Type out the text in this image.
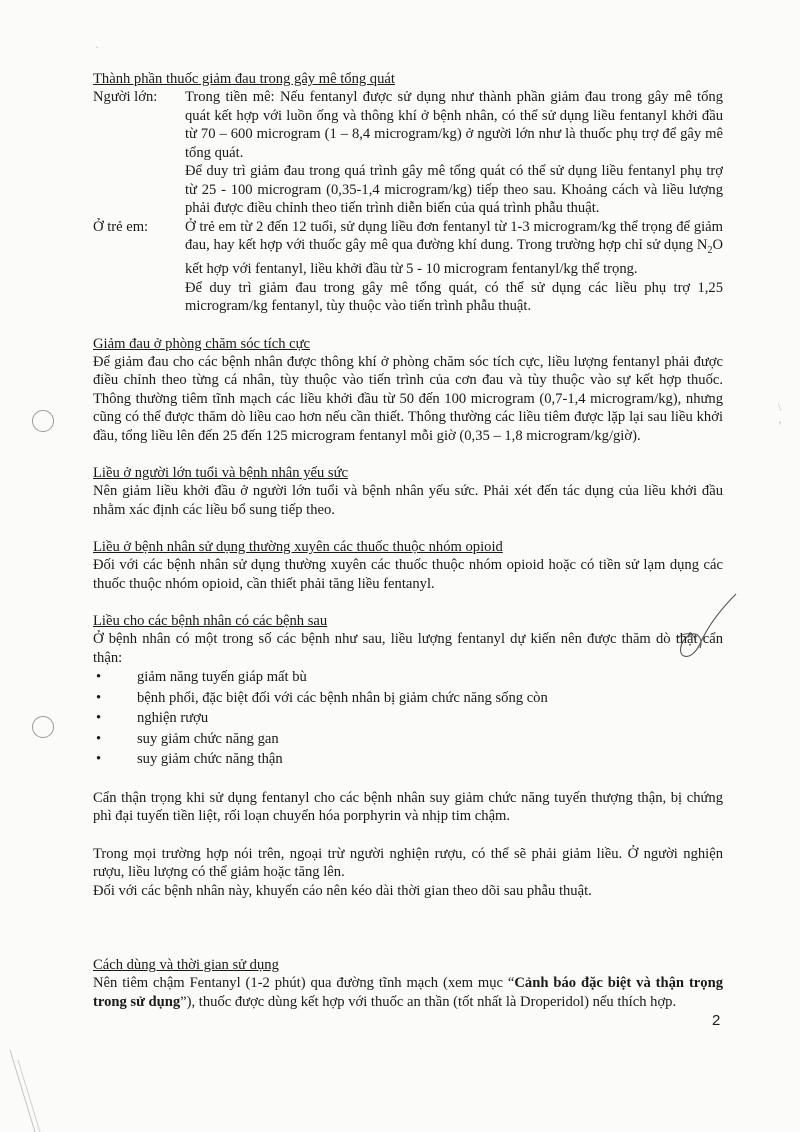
·
\
’
Thành phần thuốc giảm đau trong gây mê tổng quát
Người lớn:	Trong tiền mê: Nếu fentanyl được sử dụng như thành phần giảm đau trong gây mê tổng quát kết hợp với luồn ống và thông khí ở bệnh nhân, có thể sử dụng liều fentanyl khởi đầu từ 70 – 600 microgram (1 – 8,4 microgram/kg) ở người lớn như là thuốc phụ trợ để gây mê tổng quát.

Để duy trì giảm đau trong quá trình gây mê tổng quát có thể sử dụng liều fentanyl phụ trợ từ 25 - 100 microgram (0,35-1,4 microgram/kg) tiếp theo sau. Khoảng cách và liều lượng phải được điều chỉnh theo tiến trình diễn biến của quá trình phẫu thuật.

Ở trẻ em:	Ở trẻ em từ 2 đến 12 tuổi, sử dụng liều đơn fentanyl từ 1-3 microgram/kg thể trọng để giảm đau, hay kết hợp với thuốc gây mê qua đường khí dung. Trong trường hợp chỉ sử dụng $N_2O$ kết hợp với fentanyl, liều khởi đầu từ 5 - 10 microgram fentanyl/kg thể trọng.

Để duy trì giảm đau trong gây mê tổng quát, có thể sử dụng các liều phụ trợ 1,25 microgram/kg fentanyl, tùy thuộc vào tiến trình phẫu thuật.

Giảm đau ở phòng chăm sóc tích cực

Để giảm đau cho các bệnh nhân được thông khí ở phòng chăm sóc tích cực, liều lượng fentanyl phải được điều chỉnh theo từng cá nhân, tùy thuộc vào tiến trình của cơn đau và tùy thuộc vào sự kết hợp thuốc. Thông thường tiêm tĩnh mạch các liều khởi đầu từ 50 đến 100 microgram (0,7-1,4 microgram/kg), nhưng cũng có thể được thăm dò liều cao hơn nếu cần thiết. Thông thường các liều tiêm được lặp lại sau liều khởi đầu, tổng liều lên đến 25 đến 125 microgram fentanyl mỗi giờ (0,35 – 1,8 microgram/kg/giờ).

Liều ở người lớn tuổi và bệnh nhân yếu sức

Nên giảm liều khởi đầu ở người lớn tuổi và bệnh nhân yếu sức. Phải xét đến tác dụng của liều khởi đầu nhằm xác định các liều bổ sung tiếp theo.

Liều ở bệnh nhân sử dụng thường xuyên các thuốc thuộc nhóm opioid

Đối với các bệnh nhân sử dụng thường xuyên các thuốc thuộc nhóm opioid hoặc có tiền sử lạm dụng các thuốc thuộc nhóm opioid, cần thiết phải tăng liều fentanyl.

Liều cho các bệnh nhân có các bệnh sau

Ở bệnh nhân có một trong số các bệnh như sau, liều lượng fentanyl dự kiến nên được thăm dò thật cẩn thận:

• giảm năng tuyến giáp mất bù
• bệnh phổi, đặc biệt đối với các bệnh nhân bị giảm chức năng sống còn
• nghiện rượu
• suy giảm chức năng gan
• suy giảm chức năng thận

Cẩn thận trọng khi sử dụng fentanyl cho các bệnh nhân suy giảm chức năng tuyến thượng thận, bị chứng phì đại tuyến tiền liệt, rối loạn chuyển hóa porphyrin và nhịp tim chậm.

Trong mọi trường hợp nói trên, ngoại trừ người nghiện rượu, có thể sẽ phải giảm liều. Ở người nghiện rượu, liều lượng có thể giảm hoặc tăng lên.

Đối với các bệnh nhân này, khuyến cáo nên kéo dài thời gian theo dõi sau phẫu thuật.

Cách dùng và thời gian sử dụng

Nên tiêm chậm Fentanyl (1-2 phút) qua đường tĩnh mạch (xem mục “Cảnh báo đặc biệt và thận trọng trong sử dụng”), thuốc được dùng kết hợp với thuốc an thần (tốt nhất là Droperidol) nếu thích hợp.

2
